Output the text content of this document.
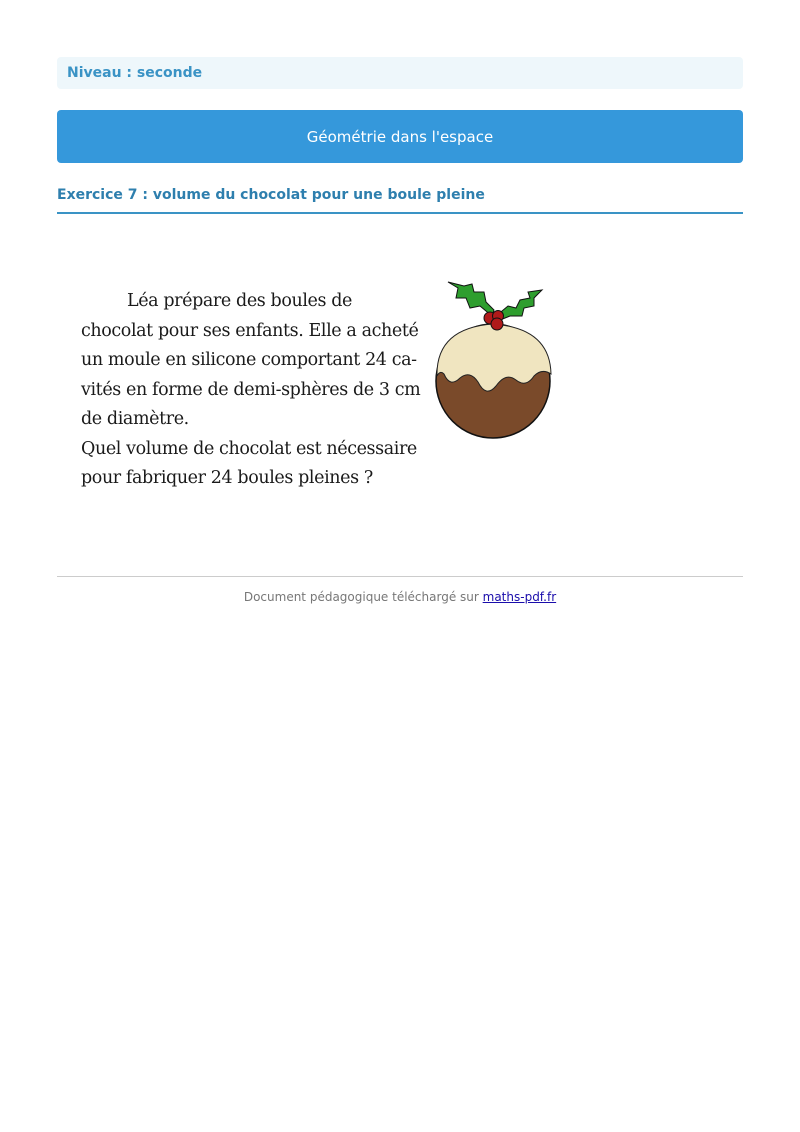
Niveau : seconde
Géométrie dans l'espace
Exercice 7 : volume du chocolat pour une boule pleine
Léa prépare des boules de
chocolat pour ses enfants. Elle a acheté
un moule en silicone comportant 24 ca-
vités en forme de demi-sphères de 3 cm
de diamètre.
Quel volume de chocolat est nécessaire
pour fabriquer 24 boules pleines ?
Document pédagogique téléchargé sur maths-pdf.fr
